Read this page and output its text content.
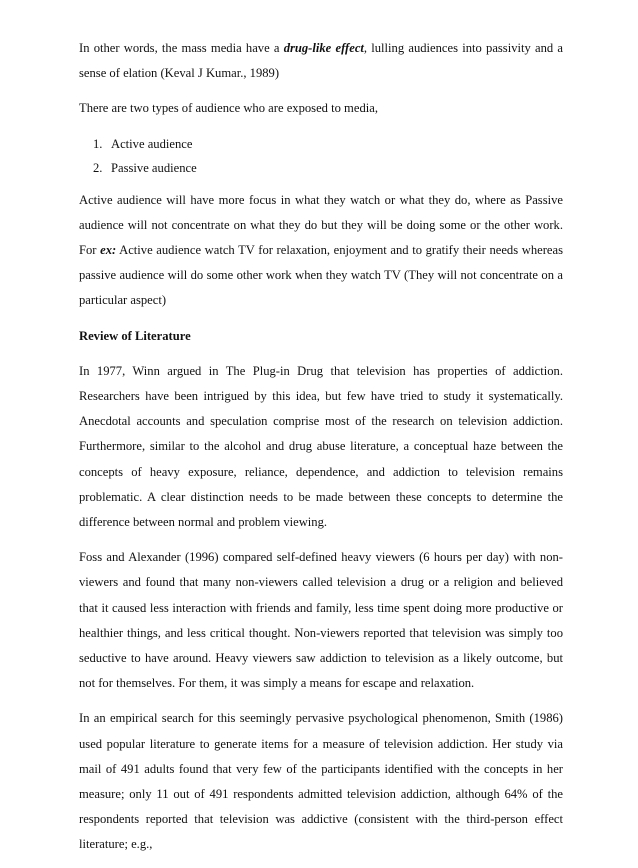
In other words, the mass media have a drug-like effect, lulling audiences into passivity and a sense of elation (Keval J Kumar., 1989)

There are two types of audience who are exposed to media,

1. Active audience
2. Passive audience

Active audience will have more focus in what they watch or what they do, where as Passive audience will not concentrate on what they do but they will be doing some or the other work. For ex: Active audience watch TV for relaxation, enjoyment and to gratify their needs whereas passive audience will do some other work when they watch TV (They will not concentrate on a particular aspect)

Review of Literature

In 1977, Winn argued in The Plug-in Drug that television has properties of addiction. Researchers have been intrigued by this idea, but few have tried to study it systematically. Anecdotal accounts and speculation comprise most of the research on television addiction. Furthermore, similar to the alcohol and drug abuse literature, a conceptual haze between the concepts of heavy exposure, reliance, dependence, and addiction to television remains problematic. A clear distinction needs to be made between these concepts to determine the difference between normal and problem viewing.

Foss and Alexander (1996) compared self-defined heavy viewers (6 hours per day) with non-viewers and found that many non-viewers called television a drug or a religion and believed that it caused less interaction with friends and family, less time spent doing more productive or healthier things, and less critical thought. Non-viewers reported that television was simply too seductive to have around. Heavy viewers saw addiction to television as a likely outcome, but not for themselves. For them, it was simply a means for escape and relaxation.

In an empirical search for this seemingly pervasive psychological phenomenon, Smith (1986) used popular literature to generate items for a measure of television addiction. Her study via mail of 491 adults found that very few of the participants identified with the concepts in her measure; only 11 out of 491 respondents admitted television addiction, although 64% of the respondents reported that television was addictive (consistent with the third-person effect literature; e.g.,
